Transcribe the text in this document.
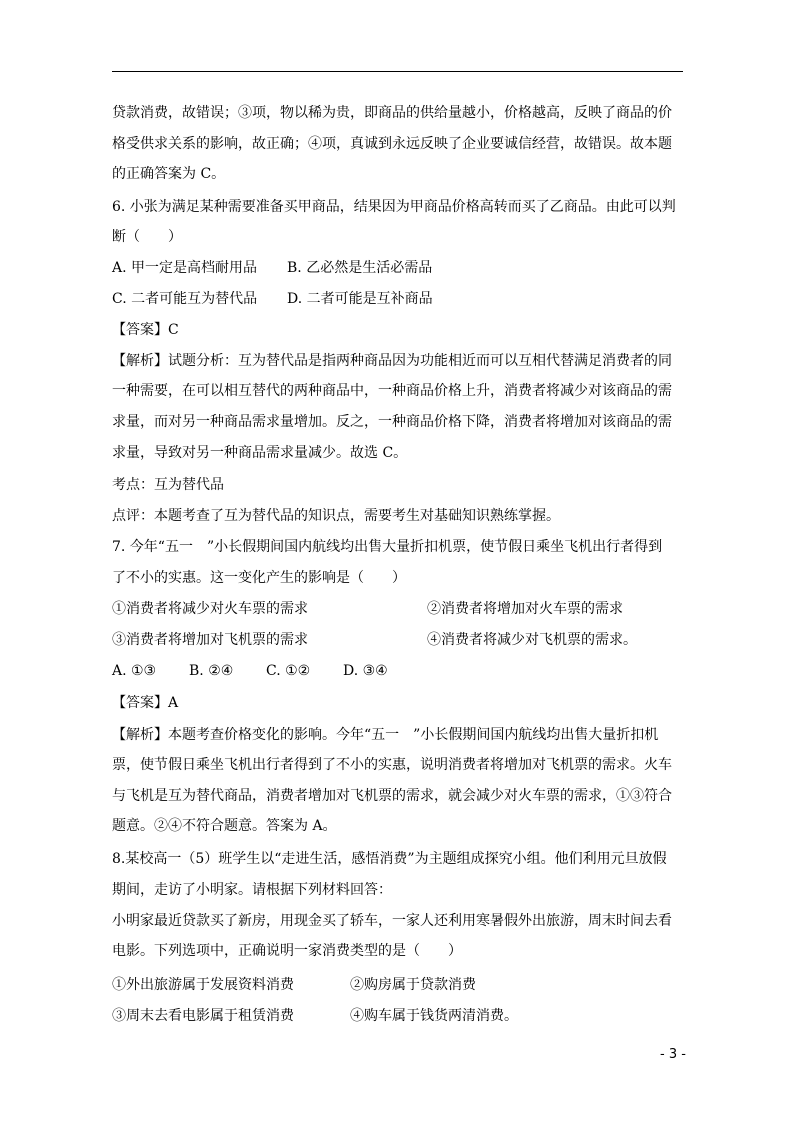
贷款消费，故错误；③项，物以稀为贵，即商品的供给量越小，价格越高，反映了商品的价
格受供求关系的影响，故正确；④项，真诚到永远反映了企业要诚信经营，故错误。故本题
的正确答案为 C。
6. 小张为满足某种需要准备买甲商品，结果因为甲商品价格高转而买了乙商品。由此可以判
断（　　）
A. 甲一定是高档耐用品 B. 乙必然是生活必需品
C. 二者可能互为替代品 D. 二者可能是互补商品
【答案】C
【解析】试题分析：互为替代品是指两种商品因为功能相近而可以互相代替满足消费者的同
一种需要，在可以相互替代的两种商品中，一种商品价格上升，消费者将减少对该商品的需
求量，而对另一种商品需求量增加。反之，一种商品价格下降，消费者将增加对该商品的需
求量，导致对另一种商品需求量减少。故选 C。
考点：互为替代品
点评：本题考查了互为替代品的知识点，需要考生对基础知识熟练掌握。
7. 今年“五一　”小长假期间国内航线均出售大量折扣机票，使节假日乘坐飞机出行者得到
了不小的实惠。这一变化产生的影响是（　　）
①消费者将减少对火车票的需求	②消费者将增加对火车票的需求
③消费者将增加对飞机票的需求	④消费者将减少对飞机票的需求。
A. ①③ B. ②④ C. ①② D. ③④
【答案】A
【解析】本题考查价格变化的影响。今年“五一　”小长假期间国内航线均出售大量折扣机
票，使节假日乘坐飞机出行者得到了不小的实惠，说明消费者将增加对飞机票的需求。火车
与飞机是互为替代商品，消费者增加对飞机票的需求，就会减少对火车票的需求，①③符合
题意。②④不符合题意。答案为 A。
8.某校高一（5）班学生以“走进生活，感悟消费”为主题组成探究小组。他们利用元旦放假
期间，走访了小明家。请根据下列材料回答：
小明家最近贷款买了新房，用现金买了轿车，一家人还利用寒暑假外出旅游，周末时间去看
电影。下列选项中，正确说明一家消费类型的是（　　）
①外出旅游属于发展资料消费	②购房属于贷款消费
③周末去看电影属于租赁消费	④购车属于钱货两清消费。
- 3 -
